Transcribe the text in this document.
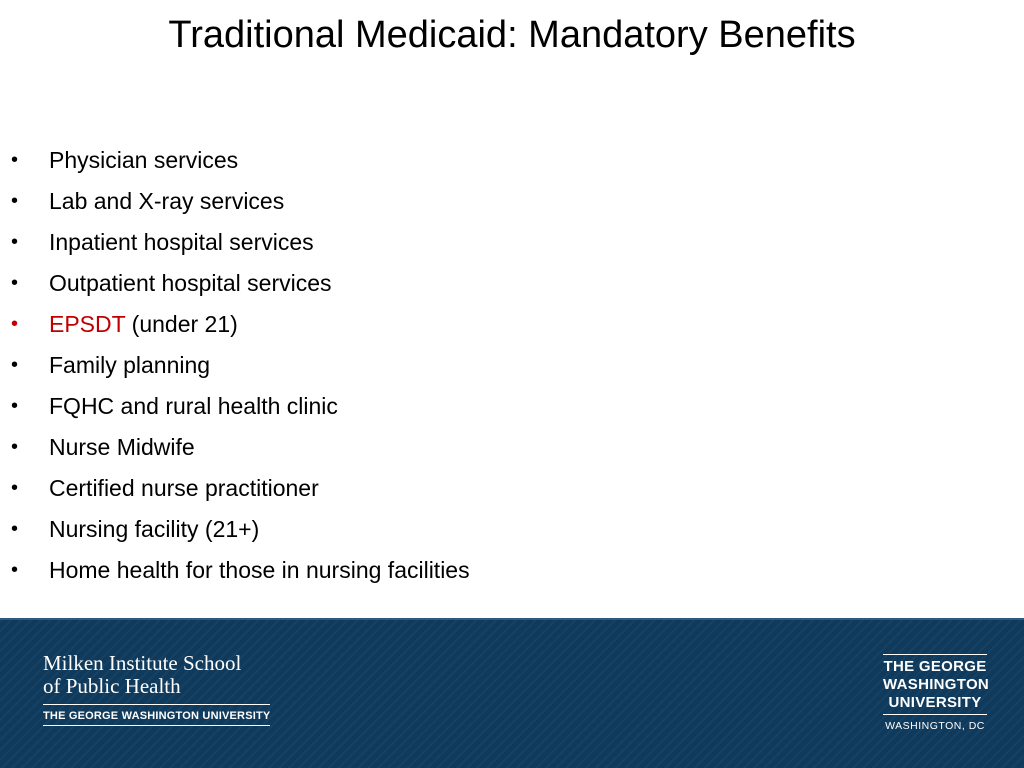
Traditional Medicaid: Mandatory Benefits
• Physician services
• Lab and X-ray services
• Inpatient hospital services
• Outpatient hospital services
• EPSDT (under 21)
• Family planning
• FQHC and rural health clinic
• Nurse Midwife
• Certified nurse practitioner
• Nursing facility (21+)
• Home health for those in nursing facilities
Milken Institute School
of Public Health
THE GEORGE WASHINGTON UNIVERSITY
THE GEORGE
WASHINGTON
UNIVERSITY
WASHINGTON, DC
